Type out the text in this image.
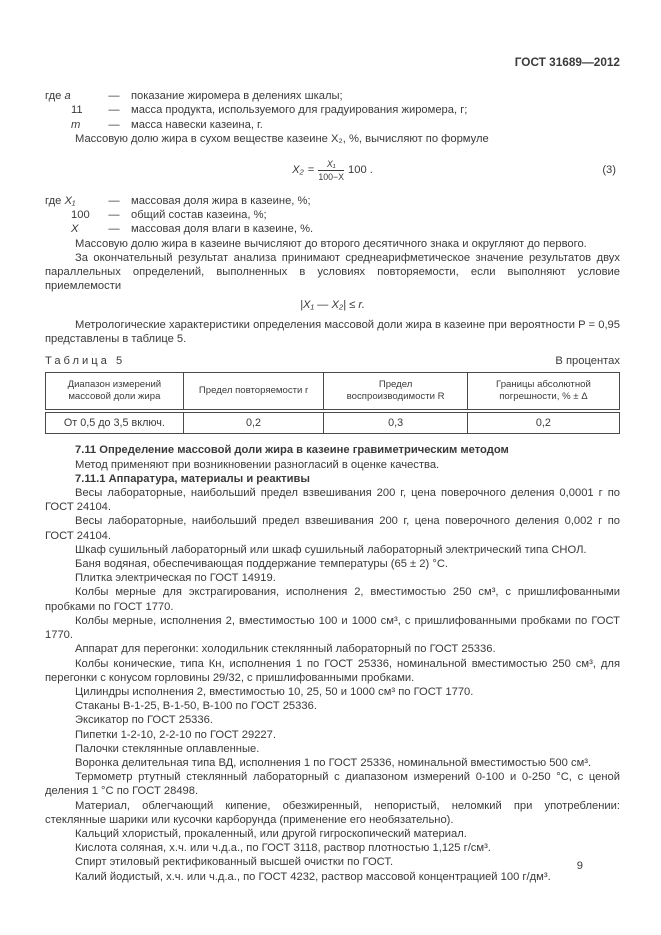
ГОСТ 31689—2012

где a	—	показание жиромера в делениях шкалы;
11	—	масса продукта, используемого для градуирования жиромера, г;
m	—	масса навески казеина, г.

Массовую долю жира в сухом веществе казеине X₂, %, вычисляют по формуле

$X_2 = \frac{\text{X₁}}{100-X} 100$ .	(3)
где X₁	—	массовая доля жира в казеине, %;
100	—	общий состав казеина, %;
X	—	массовая доля влаги в казеине, %.

Массовую долю жира в казеине вычисляют до второго десятичного знака и округляют до первого.

За окончательный результат анализа принимают среднеарифметическое значение результатов двух параллельных определений, выполненных в условиях повторяемости, если выполняют условие приемлемости

|X₁ — X₂| ≤ r.

Метрологические характеристики определения массовой доли жира в казеине при вероятности P = 0,95 представлены в таблице 5.

Таблица 5	В процентах
Диапазон измерений массовой доли жира	Предел повторяемости r	Предел воспроизводимости R	Границы абсолютной погрешности, % ± Δ
От 0,5 до 3,5 включ.	0,2	0,3	0,2

7.11 Определение массовой доли жира в казеине гравиметрическим методом

Метод применяют при возникновении разногласий в оценке качества.

7.11.1 Аппаратура, материалы и реактивы

Весы лабораторные, наибольший предел взвешивания 200 г, цена поверочного деления 0,0001 г по ГОСТ 24104.

Весы лабораторные, наибольший предел взвешивания 200 г, цена поверочного деления 0,002 г по ГОСТ 24104.

Шкаф сушильный лабораторный или шкаф сушильный лабораторный электрический типа СНОЛ.

Баня водяная, обеспечивающая поддержание температуры (65 ± 2) °С.

Плитка электрическая по ГОСТ 14919.

Колбы мерные для экстрагирования, исполнения 2, вместимостью 250 см³, с пришлифованными пробками по ГОСТ 1770.

Колбы мерные, исполнения 2, вместимостью 100 и 1000 см³, с пришлифованными пробками по ГОСТ 1770.

Аппарат для перегонки: холодильник стеклянный лабораторный по ГОСТ 25336.

Колбы конические, типа Кн, исполнения 1 по ГОСТ 25336, номинальной вместимостью 250 см³, для перегонки с конусом горловины 29/32, с пришлифованными пробками.

Цилиндры исполнения 2, вместимостью 10, 25, 50 и 1000 см³ по ГОСТ 1770.

Стаканы В-1-25, В-1-50, В-100 по ГОСТ 25336.

Эксикатор по ГОСТ 25336.

Пипетки 1-2-10, 2-2-10 по ГОСТ 29227.

Палочки стеклянные оплавленные.

Воронка делительная типа ВД, исполнения 1 по ГОСТ 25336, номинальной вместимостью 500 см³.

Термометр ртутный стеклянный лабораторный с диапазоном измерений 0-100 и 0-250 °С, с ценой деления 1 °С по ГОСТ 28498.

Материал, облегчающий кипение, обезжиренный, непористый, неломкий при употреблении: стеклянные шарики или кусочки карборунда (применение его необязательно).

Кальций хлористый, прокаленный, или другой гигроскопический материал.

Кислота соляная, х.ч. или ч.д.а., по ГОСТ 3118, раствор плотностью 1,125 г/см³.

Спирт этиловый ректификованный высшей очистки по ГОСТ.

Калий йодистый, х.ч. или ч.д.а., по ГОСТ 4232, раствор массовой концентрацией 100 г/дм³.

9
